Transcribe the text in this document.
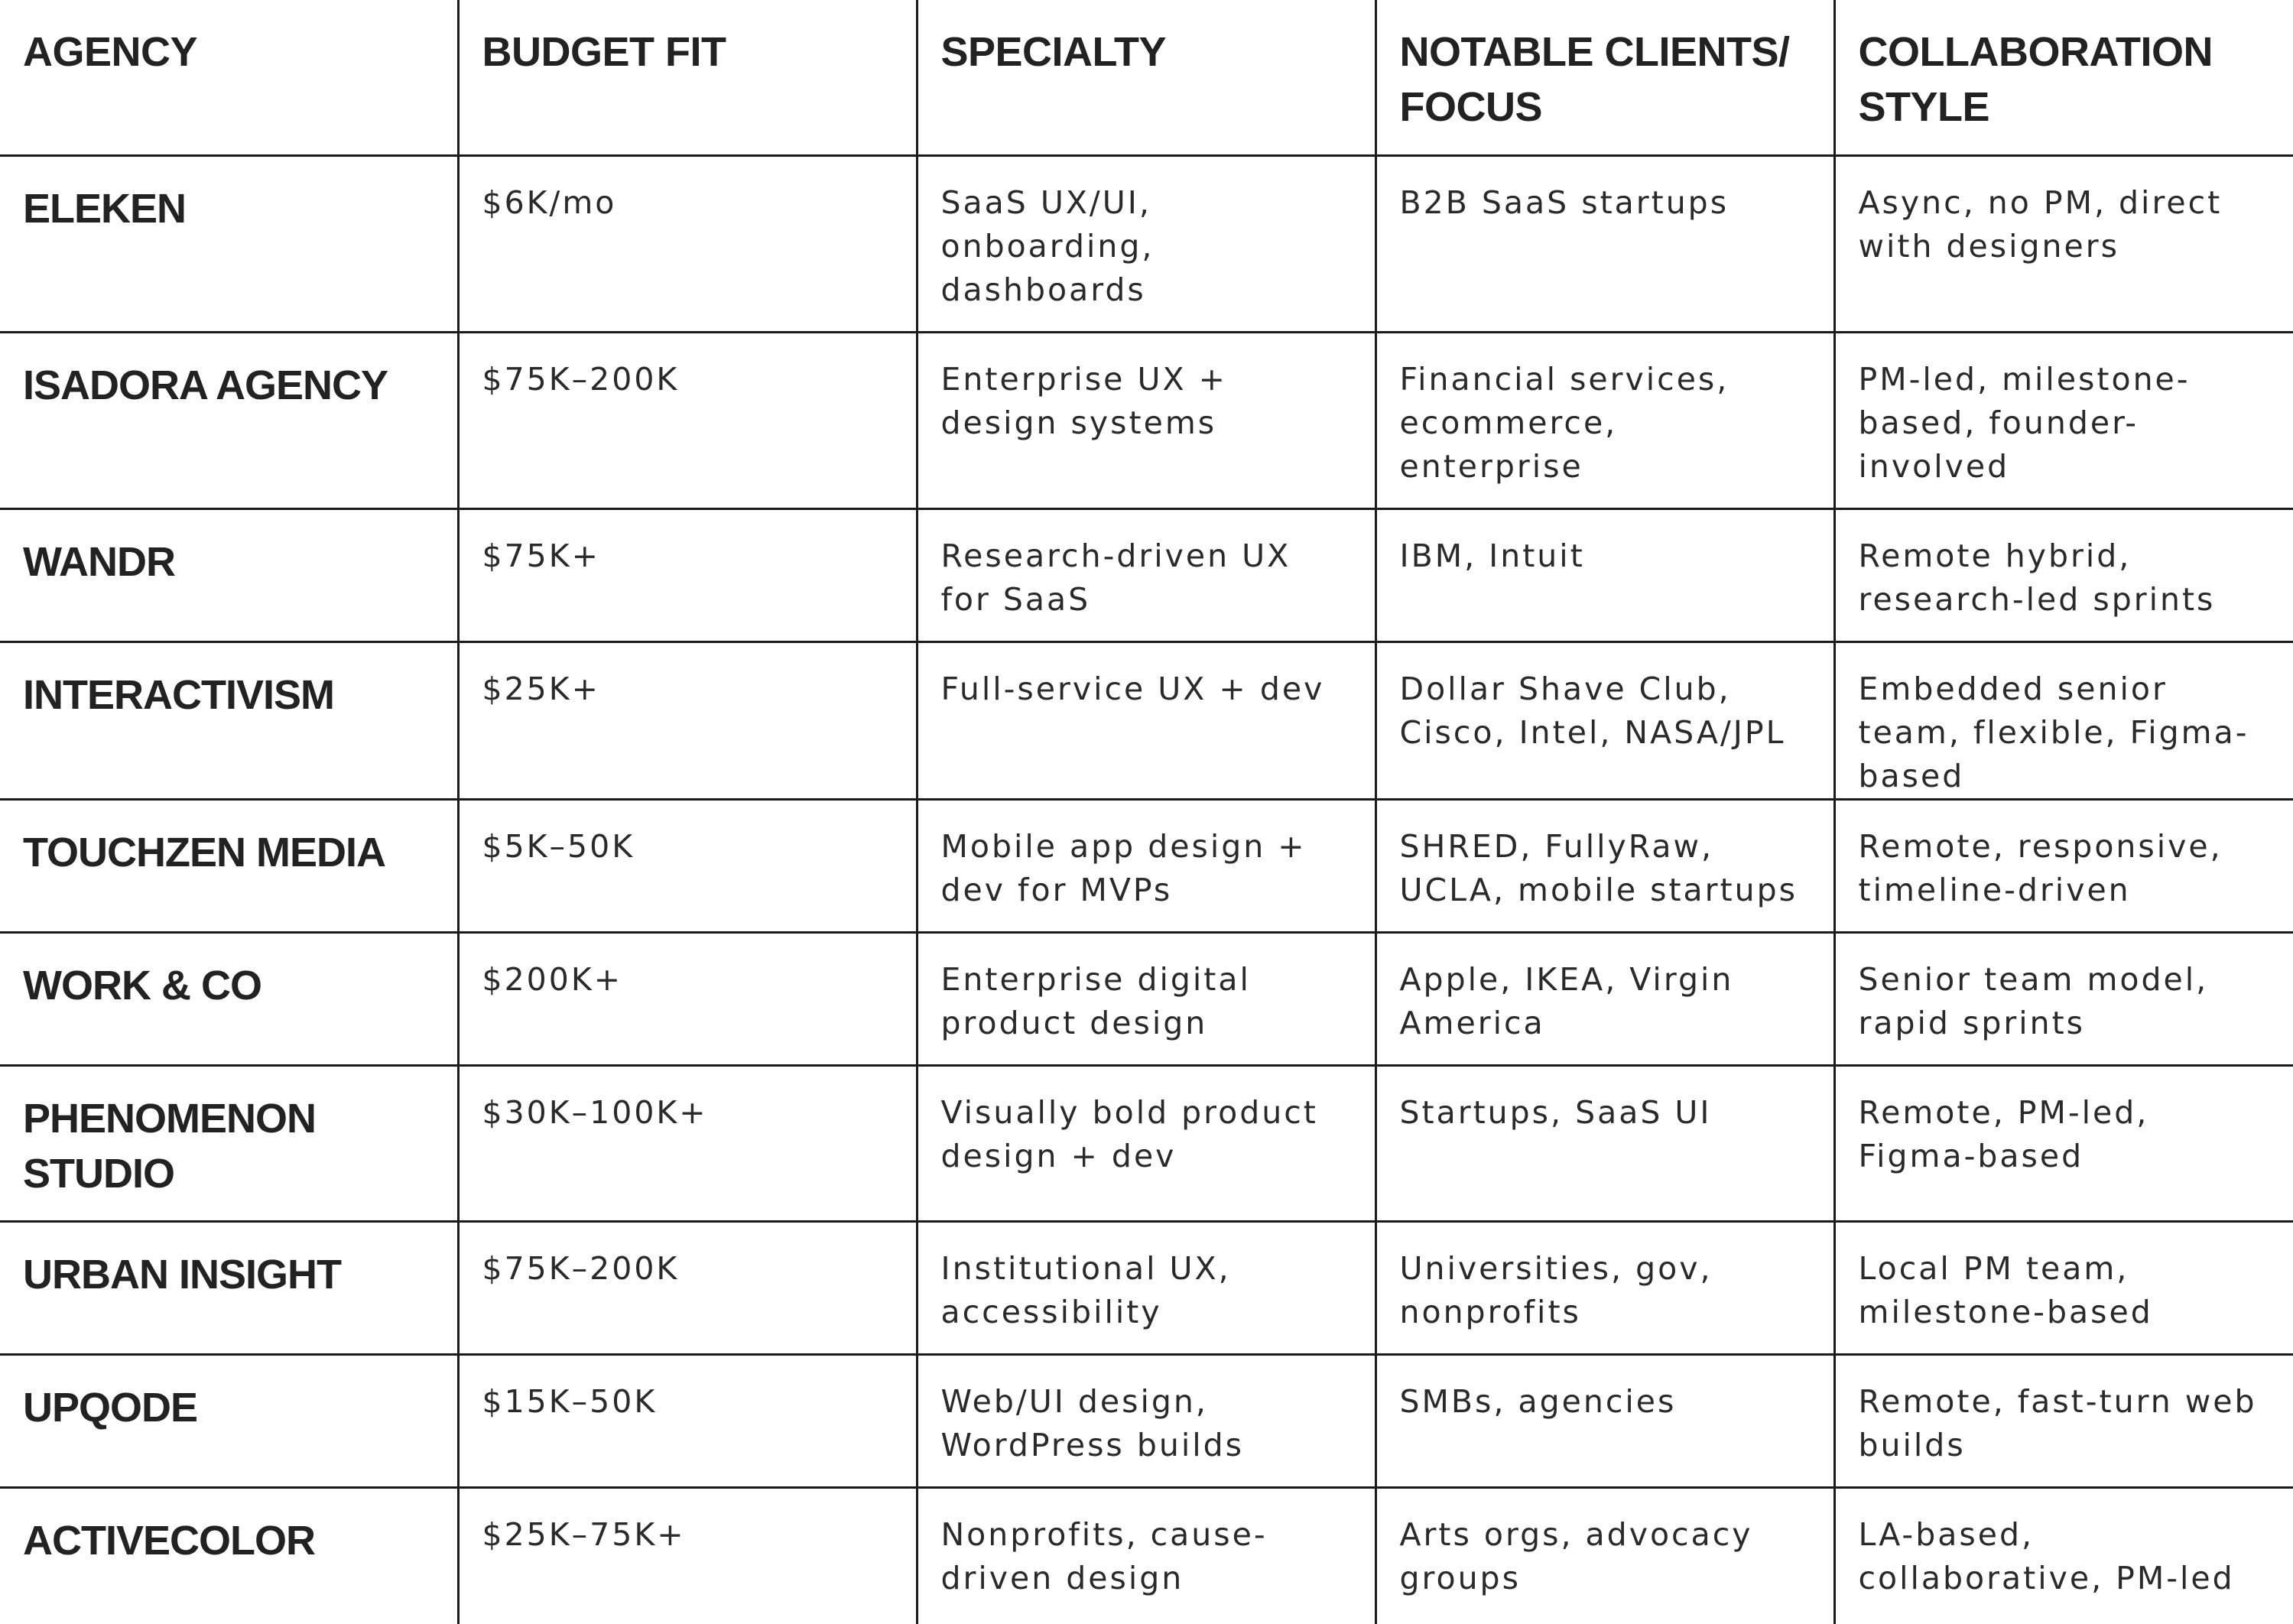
AGENCY	BUDGET FIT	SPECIALTY	NOTABLE CLIENTS/ FOCUS	COLLABORATION STYLE
ELEKEN	$6K/mo	SaaS UX/UI, onboarding, dashboards	B2B SaaS startups	Async, no PM, direct with designers
ISADORA AGENCY	$75K–200K	Enterprise UX + design systems	Financial services, ecommerce, enterprise	PM-led, milestone-based, founder-involved
WANDR	$75K+	Research-driven UX for SaaS	IBM, Intuit	Remote hybrid, research-led sprints
INTERACTIVISM	$25K+	Full-service UX + dev	Dollar Shave Club, Cisco, Intel, NASA/JPL	Embedded senior team, flexible, Figma-based
TOUCHZEN MEDIA	$5K–50K	Mobile app design + dev for MVPs	SHRED, FullyRaw, UCLA, mobile startups	Remote, responsive, timeline-driven
WORK & CO	$200K+	Enterprise digital product design	Apple, IKEA, Virgin America	Senior team model, rapid sprints
PHENOMENON STUDIO	$30K–100K+	Visually bold product design + dev	Startups, SaaS UI	Remote, PM-led, Figma-based
URBAN INSIGHT	$75K–200K	Institutional UX, accessibility	Universities, gov, nonprofits	Local PM team, milestone-based
UPQODE	$15K–50K	Web/UI design, WordPress builds	SMBs, agencies	Remote, fast-turn web builds
ACTIVECOLOR	$25K–75K+	Nonprofits, cause-driven design	Arts orgs, advocacy groups	LA-based, collaborative, PM-led
